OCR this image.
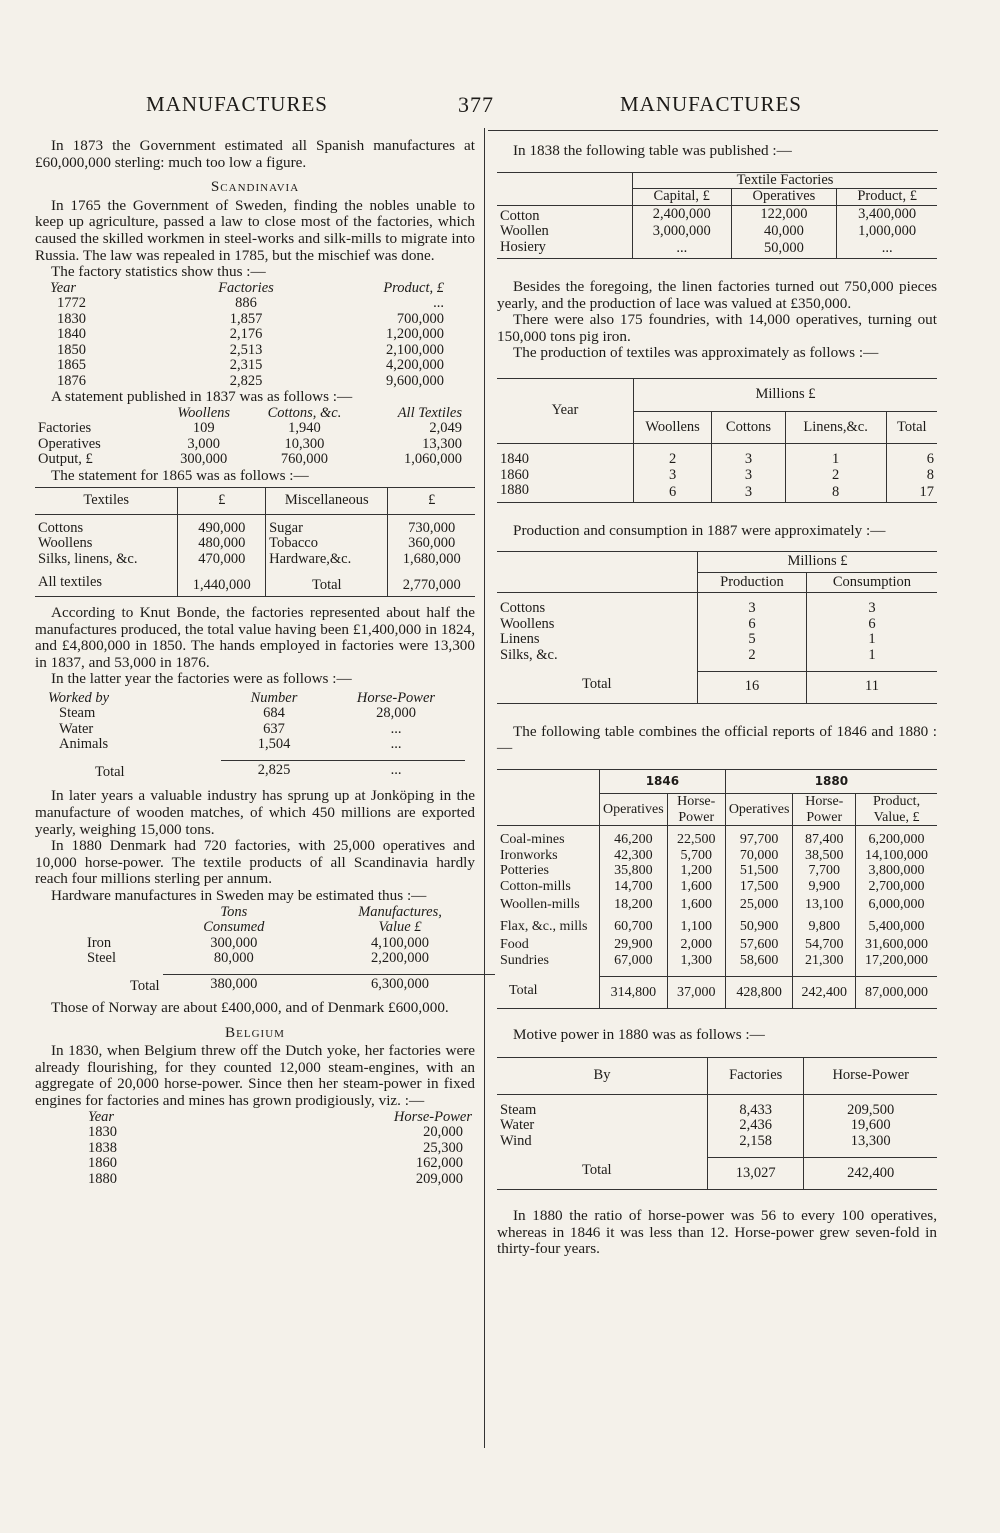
MANUFACTURES	377	MANUFACTURES

In 1873 the Government estimated all Spanish manufactures at £60,000,000 sterling: much too low a figure.

Scandinavia

In 1765 the Government of Sweden, finding the nobles unable to keep up agriculture, passed a law to close most of the factories, which caused the skilled workmen in steel-works and silk-mills to migrate into Russia. The law was repealed in 1785, but the mischief was done.

The factory statistics show thus :—

Year	Factories	Product, £
1772	886	...
1830	1,857	700,000
1840	2,176	1,200,000
1850	2,513	2,100,000
1865	2,315	4,200,000
1876	2,825	9,600,000

A statement published in 1837 was as follows :—

	Woollens	Cottons, &c.	All Textiles
Factories	109	1,940	2,049
Operatives	3,000	10,300	13,300
Output, £	300,000	760,000	1,060,000

The statement for 1865 was as follows :—

Textiles	£	Miscellaneous	£

Cottons	490,000	Sugar	730,000
Woollens	480,000	Tobacco	360,000
Silks, linens, &c.	470,000	Hardware,&c.	1,680,000

All textiles	1,440,000	Total	2,770,000

According to Knut Bonde, the factories represented about half the manufactures produced, the total value having been £1,400,000 in 1824, and £4,800,000 in 1850. The hands employed in factories were 13,300 in 1837, and 53,000 in 1876.

In the latter year the factories were as follows :—

Worked by	Number	Horse-Power
Steam	684	28,000
Water	637	...
Animals	1,504	...

Total	2,825	...

In later years a valuable industry has sprung up at Jonköping in the manufacture of wooden matches, of which 450 millions are exported yearly, weighing 15,000 tons.

In 1880 Denmark had 720 factories, with 25,000 operatives and 10,000 horse-power. The textile products of all Scandinavia hardly reach four millions sterling per annum.

Hardware manufactures in Sweden may be estimated thus :—

	Tons	Manufactures,
	Consumed	Value £
Iron	300,000	4,100,000
Steel	80,000	2,200,000

Total	380,000	6,300,000

Those of Norway are about £400,000, and of Denmark £600,000.

Belgium

In 1830, when Belgium threw off the Dutch yoke, her factories were already flourishing, for they counted 12,000 steam-engines, with an aggregate of 20,000 horse-power. Since then her steam-power in fixed engines for factories and mines has grown prodigiously, viz. :—

Year	Horse-Power
1830	20,000
1838	25,300
1860	162,000
1880	209,000

In 1838 the following table was published :—

	Textile Factories		
	Capital, £	Operatives	Product, £
Cotton	2,400,000	122,000	3,400,000
Woollen	3,000,000	40,000	1,000,000
Hosiery	...	50,000	...

Besides the foregoing, the linen factories turned out 750,000 pieces yearly, and the production of lace was valued at £350,000.

There were also 175 foundries, with 14,000 operatives, turning out 150,000 tons pig iron.

The production of textiles was approximately as follows :—

Year	Millions £			
	Woollens	Cottons	Linens,&c.	Total

1840	2	3	1	6
1860	3	3	2	8
1880	6	3	8	17

Production and consumption in 1887 were approximately :—

	Millions £	
	Production	Consumption

Cottons	3	3
Woollens	6	6
Linens	5	1
Silks, &c.	2	1

Total	16	11

The following table combines the official reports of 1846 and 1880 :—

	1846		1880		
	Operatives	Horse-Power	Operatives	Horse-Power	Product, Value, £

Coal-mines	46,200	22,500	97,700	87,400	6,200,000
Ironworks	42,300	5,700	70,000	38,500	14,100,000
Potteries	35,800	1,200	51,500	7,700	3,800,000
Cotton-mills	14,700	1,600	17,500	9,900	2,700,000
Woollen-mills	18,200	1,600	25,000	13,100	6,000,000
Flax, &c., mills	60,700	1,100	50,900	9,800	5,400,000
Food	29,900	2,000	57,600	54,700	31,600,000
Sundries	67,000	1,300	58,600	21,300	17,200,000

Total	314,800	37,000	428,800	242,400	87,000,000

Motive power in 1880 was as follows :—

By	Factories	Horse-Power

Steam	8,433	209,500
Water	2,436	19,600
Wind	2,158	13,300

Total	13,027	242,400

In 1880 the ratio of horse-power was 56 to every 100 operatives, whereas in 1846 it was less than 12. Horse-power grew seven-fold in thirty-four years.
